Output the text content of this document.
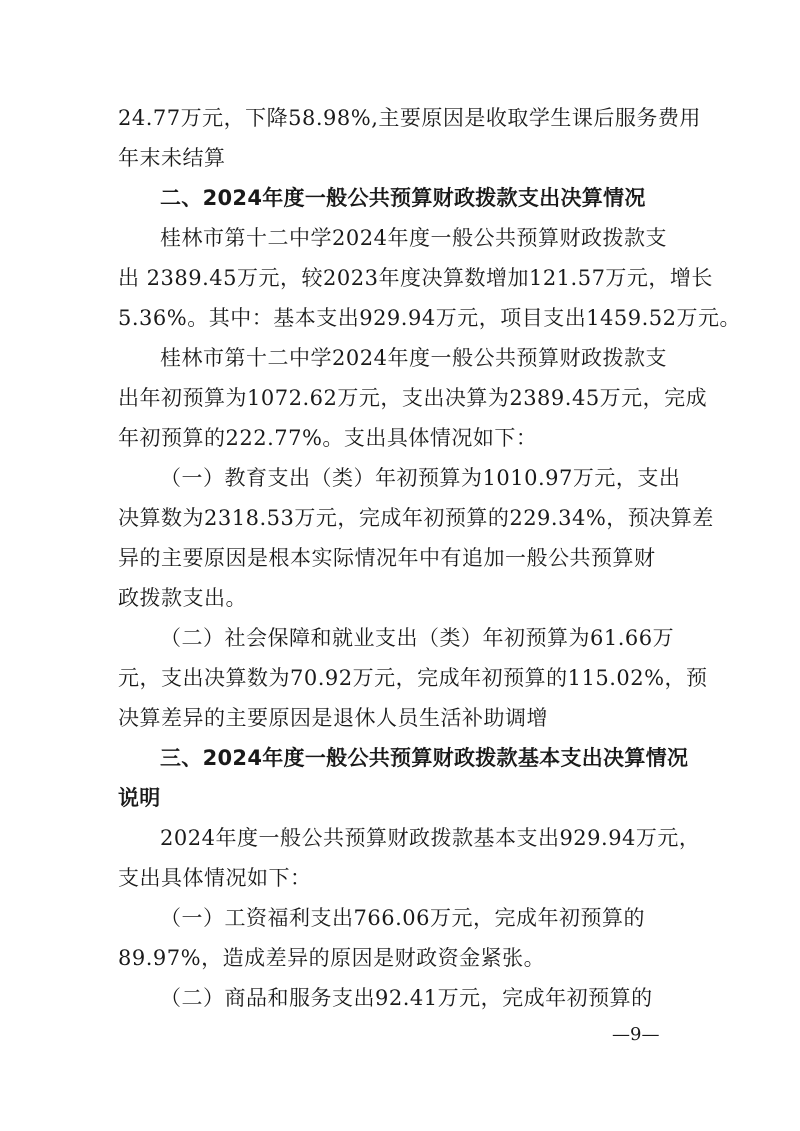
24.77万元，下降58.98%,主要原因是收取学生课后服务费用
年末未结算
二、2024年度一般公共预算财政拨款支出决算情况
桂林市第十二中学2024年度一般公共预算财政拨款支
出 2389.45万元，较2023年度决算数增加121.57万元，增长
5.36%。其中：基本支出929.94万元，项目支出1459.52万元。
桂林市第十二中学2024年度一般公共预算财政拨款支
出年初预算为1072.62万元，支出决算为2389.45万元，完成
年初预算的222.77%。支出具体情况如下：
（一）教育支出（类）年初预算为1010.97万元，支出
决算数为2318.53万元，完成年初预算的229.34%，预决算差
异的主要原因是根本实际情况年中有追加一般公共预算财
政拨款支出。
（二）社会保障和就业支出（类）年初预算为61.66万
元，支出决算数为70.92万元，完成年初预算的115.02%，预
决算差异的主要原因是退休人员生活补助调增
三、2024年度一般公共预算财政拨款基本支出决算情况
说明
2024年度一般公共预算财政拨款基本支出929.94万元，
支出具体情况如下：
（一）工资福利支出766.06万元，完成年初预算的
89.97%，造成差异的原因是财政资金紧张。
（二）商品和服务支出92.41万元，完成年初预算的
—9—
